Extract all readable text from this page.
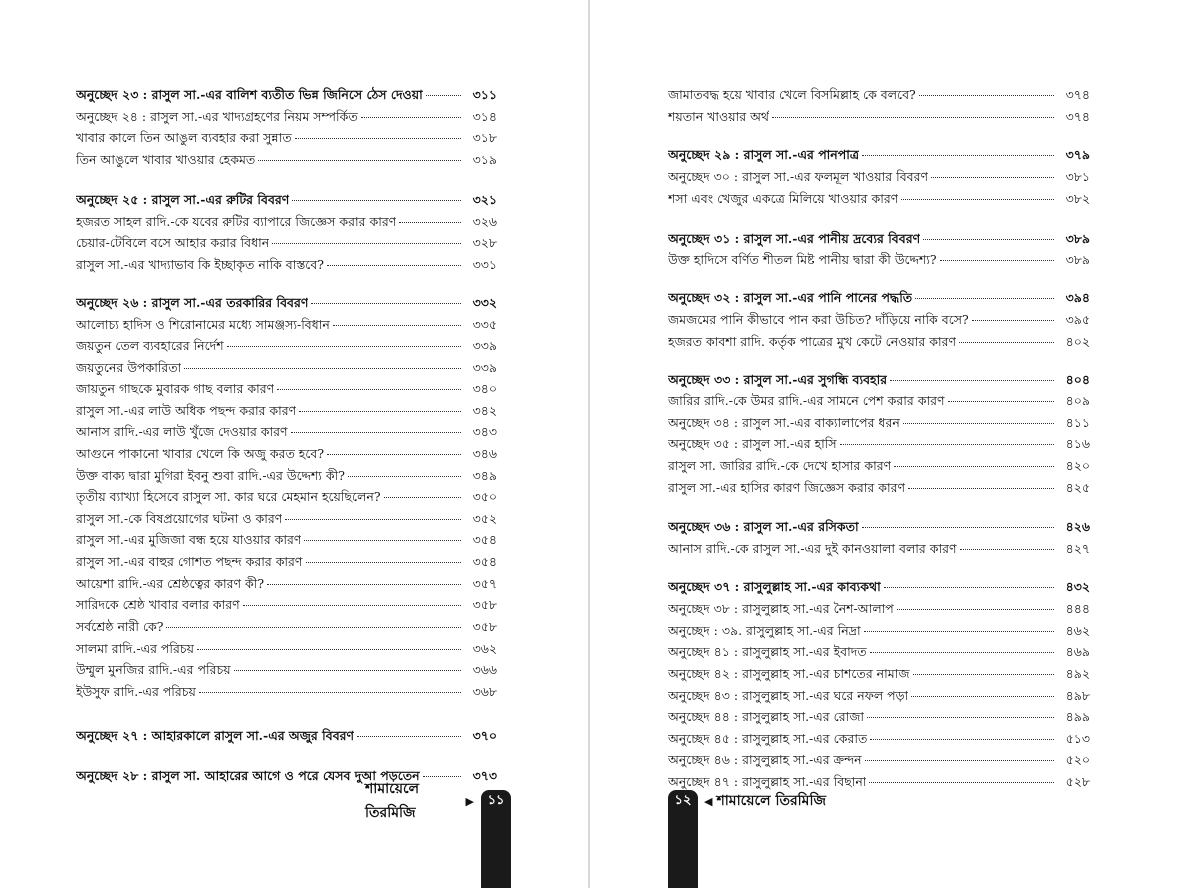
অনুচ্ছেদ ২৩ : রাসুল সা.-এর বালিশ ব্যতীত ভিন্ন জিনিসে ঠেস দেওয়া	৩১১
অনুচ্ছেদ ২৪ : রাসুল সা.-এর খাদ্যগ্রহণের নিয়ম সম্পর্কিত	৩১৪
খাবার কালে তিন আঙুল ব্যবহার করা সুন্নাত	৩১৮
তিন আঙুলে খাবার খাওয়ার হেকমত	৩১৯
অনুচ্ছেদ ২৫ : রাসুল সা.-এর রুটির বিবরণ	৩২১
হজরত সাহল রাদি.-কে যবের রুটির ব্যাপারে জিজ্ঞেস করার কারণ	৩২৬
চেয়ার-টেবিলে বসে আহার করার বিধান	৩২৮
রাসুল সা.-এর খাদ্যাভাব কি ইচ্ছাকৃত নাকি বাস্তবে?	৩৩১
অনুচ্ছেদ ২৬ : রাসুল সা.-এর তরকারির বিবরণ	৩৩২
আলোচ্য হাদিস ও শিরোনামের মধ্যে সামঞ্জস্য-বিধান	৩৩৫
জয়তুন তেল ব্যবহারের নির্দেশ	৩৩৯
জয়তুনের উপকারিতা	৩৩৯
জায়তুন গাছকে মুবারক গাছ বলার কারণ	৩৪০
রাসুল সা.-এর লাউ অধিক পছন্দ করার কারণ	৩৪২
আনাস রাদি.-এর লাউ খুঁজে দেওয়ার কারণ	৩৪৩
আগুনে পাকানো খাবার খেলে কি অজু করত হবে?	৩৪৬
উক্ত বাক্য দ্বারা মুগিরা ইবনু শুবা রাদি.-এর উদ্দেশ্য কী?	৩৪৯
তৃতীয় ব্যাখ্যা হিসেবে রাসুল সা. কার ঘরে মেহমান হয়েছিলেন?	৩৫০
রাসুল সা.-কে বিষপ্রয়োগের ঘটনা ও কারণ	৩৫২
রাসুল সা.-এর মুজিজা বন্ধ হয়ে যাওয়ার কারণ	৩৫৪
রাসুল সা.-এর বাহুর গোশত পছন্দ করার কারণ	৩৫৪
আয়েশা রাদি.-এর শ্রেষ্ঠত্বের কারণ কী?	৩৫৭
সারিদকে শ্রেষ্ঠ খাবার বলার কারণ	৩৫৮
সর্বশ্রেষ্ঠ নারী কে?	৩৫৮
সালমা রাদি.-এর পরিচয়	৩৬২
উম্মুল মুনজির রাদি.-এর পরিচয়	৩৬৬
ইউসুফ রাদি.-এর পরিচয়	৩৬৮
অনুচ্ছেদ ২৭ : আহারকালে রাসুল সা.-এর অজুর বিবরণ	৩৭০
অনুচ্ছেদ ২৮ : রাসুল সা. আহারের আগে ও পরে যেসব দুআ পড়তেন	৩৭৩
শামায়েলে তিরমিজি
▶	১১
জামাতবদ্ধ হয়ে খাবার খেলে বিসমিল্লাহ কে বলবে?	৩৭৪
শয়তান খাওয়ার অর্থ	৩৭৪
অনুচ্ছেদ ২৯ : রাসুল সা.-এর পানপাত্র	৩৭৯
অনুচ্ছেদ ৩০ : রাসুল সা.-এর ফলমূল খাওয়ার বিবরণ	৩৮১
শসা এবং খেজুর একত্রে মিলিয়ে খাওয়ার কারণ	৩৮২
অনুচ্ছেদ ৩১ : রাসুল সা.-এর পানীয় দ্রব্যের বিবরণ	৩৮৯
উক্ত হাদিসে বর্ণিত শীতল মিষ্ট পানীয় দ্বারা কী উদ্দেশ্য?	৩৮৯
অনুচ্ছেদ ৩২ : রাসুল সা.-এর পানি পানের পদ্ধতি	৩৯৪
জমজমের পানি কীভাবে পান করা উচিত? দাঁড়িয়ে নাকি বসে?	৩৯৫
হজরত কাবশা রাদি. কর্তৃক পাত্রের মুখ কেটে নেওয়ার কারণ	৪০২
অনুচ্ছেদ ৩৩ : রাসুল সা.-এর সুগন্ধি ব্যবহার	৪০৪
জারির রাদি.-কে উমর রাদি.-এর সামনে পেশ করার কারণ	৪০৯
অনুচ্ছেদ ৩৪ : রাসুল সা.-এর বাক্যালাপের ধরন	৪১১
অনুচ্ছেদ ৩৫ : রাসুল সা.-এর হাসি	৪১৬
রাসুল সা. জারির রাদি.-কে দেখে হাসার কারণ	৪২০
রাসুল সা.-এর হাসির কারণ জিজ্ঞেস করার কারণ	৪২৫
অনুচ্ছেদ ৩৬ : রাসুল সা.-এর রসিকতা	৪২৬
আনাস রাদি.-কে রাসুল সা.-এর দুই কানওয়ালা বলার কারণ	৪২৭
অনুচ্ছেদ ৩৭ : রাসুলুল্লাহ সা.-এর কাব্যকথা	৪৩২
অনুচ্ছেদ ৩৮ : রাসুলুল্লাহ সা.-এর নৈশ-আলাপ	৪৪৪
অনুচ্ছেদ : ৩৯. রাসুলুল্লাহ সা.-এর নিদ্রা	৪৬২
অনুচ্ছেদ ৪১ : রাসুলুল্লাহ সা.-এর ইবাদত	৪৬৯
অনুচ্ছেদ ৪২ : রাসুলুল্লাহ সা.-এর চাশতের নামাজ	৪৯২
অনুচ্ছেদ ৪৩ : রাসুলুল্লাহ সা.-এর ঘরে নফল পড়া	৪৯৮
অনুচ্ছেদ ৪৪ : রাসুলুল্লাহ সা.-এর রোজা	৪৯৯
অনুচ্ছেদ ৪৫ : রাসুলুল্লাহ সা.-এর কেরাত	৫১৩
অনুচ্ছেদ ৪৬ : রাসুলুল্লাহ সা.-এর ক্রন্দন	৫২০
অনুচ্ছেদ ৪৭ : রাসুলুল্লাহ সা.-এর বিছানা	৫২৮
১২	◀ শামায়েলে তিরমিজি
